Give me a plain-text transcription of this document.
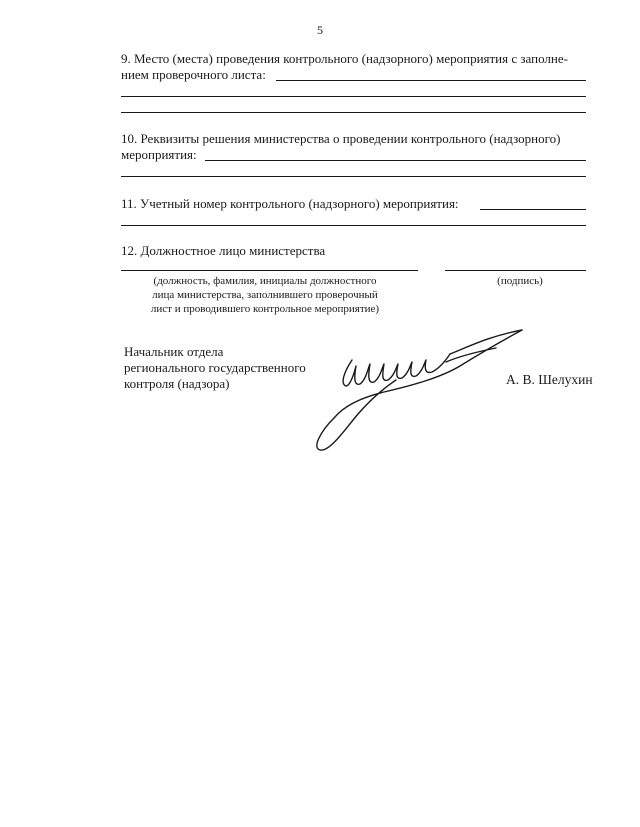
5
9. Место (места) проведения контрольного (надзорного) мероприятия с заполне-
нием проверочного листа:
10. Реквизиты решения министерства о проведении контрольного (надзорного)
мероприятия:
11. Учетный номер контрольного (надзорного) мероприятия:
12. Должностное лицо министерства
(должность, фамилия, инициалы должностного
лица министерства, заполнившего проверочный
лист и проводившего контрольное мероприятие)
(подпись)
Начальник отдела
регионального государственного
контроля (надзора)	А. В. Шелухин
